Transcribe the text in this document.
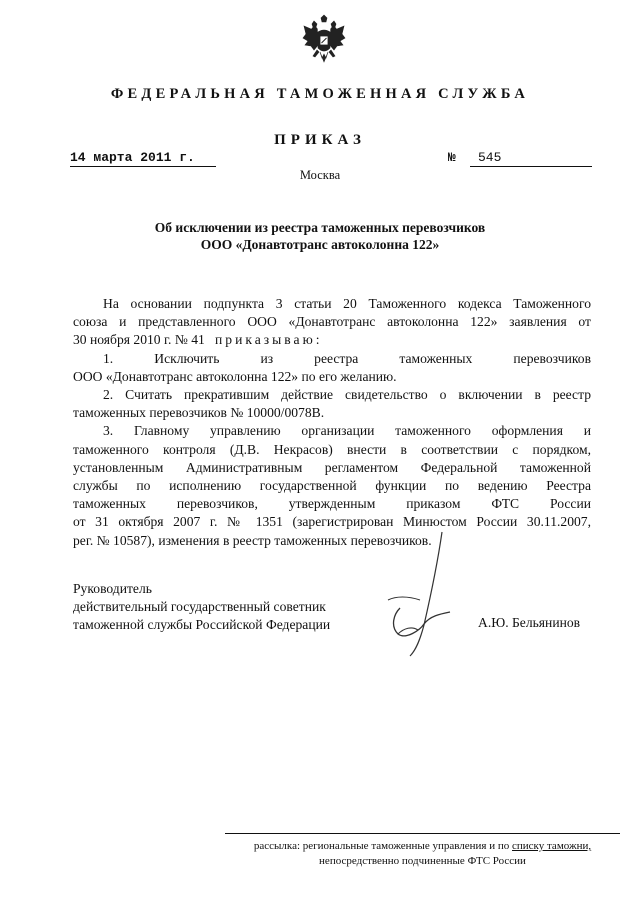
ФЕДЕРАЛЬНАЯ ТАМОЖЕННАЯ СЛУЖБА
ПРИКАЗ
14 марта 2011 г.	№	545
Москва
Об исключении из реестра таможенных перевозчиков
ООО «Донавтотранс автоколонна 122»

На основании подпункта 3 статьи 20 Таможенного кодекса Таможенного

союза и представленного ООО «Донавтотранс автоколонна 122» заявления от

30 ноября 2010 г. № 41 приказываю:

1. Исключить из реестра таможенных перевозчиков

ООО «Донавтотранс автоколонна 122» по его желанию.

2. Считать прекратившим действие свидетельство о включении в реестр

таможенных перевозчиков № 10000/0078В.

3. Главному управлению организации таможенного оформления и

таможенного контроля (Д.В. Некрасов) внести в соответствии с порядком,

установленным Административным регламентом Федеральной таможенной

службы по исполнению государственной функции по ведению Реестра

таможенных перевозчиков, утвержденным приказом ФТС России

от 31 октября 2007 г. № 1351 (зарегистрирован Минюстом России 30.11.2007,

рег. № 10587), изменения в реестр таможенных перевозчиков.

Руководитель
действительный государственный советник
таможенной службы Российской Федерации	А.Ю. Бельянинов
рассылка: региональные таможенные управления и по списку таможни,
непосредственно подчиненные ФТС России
